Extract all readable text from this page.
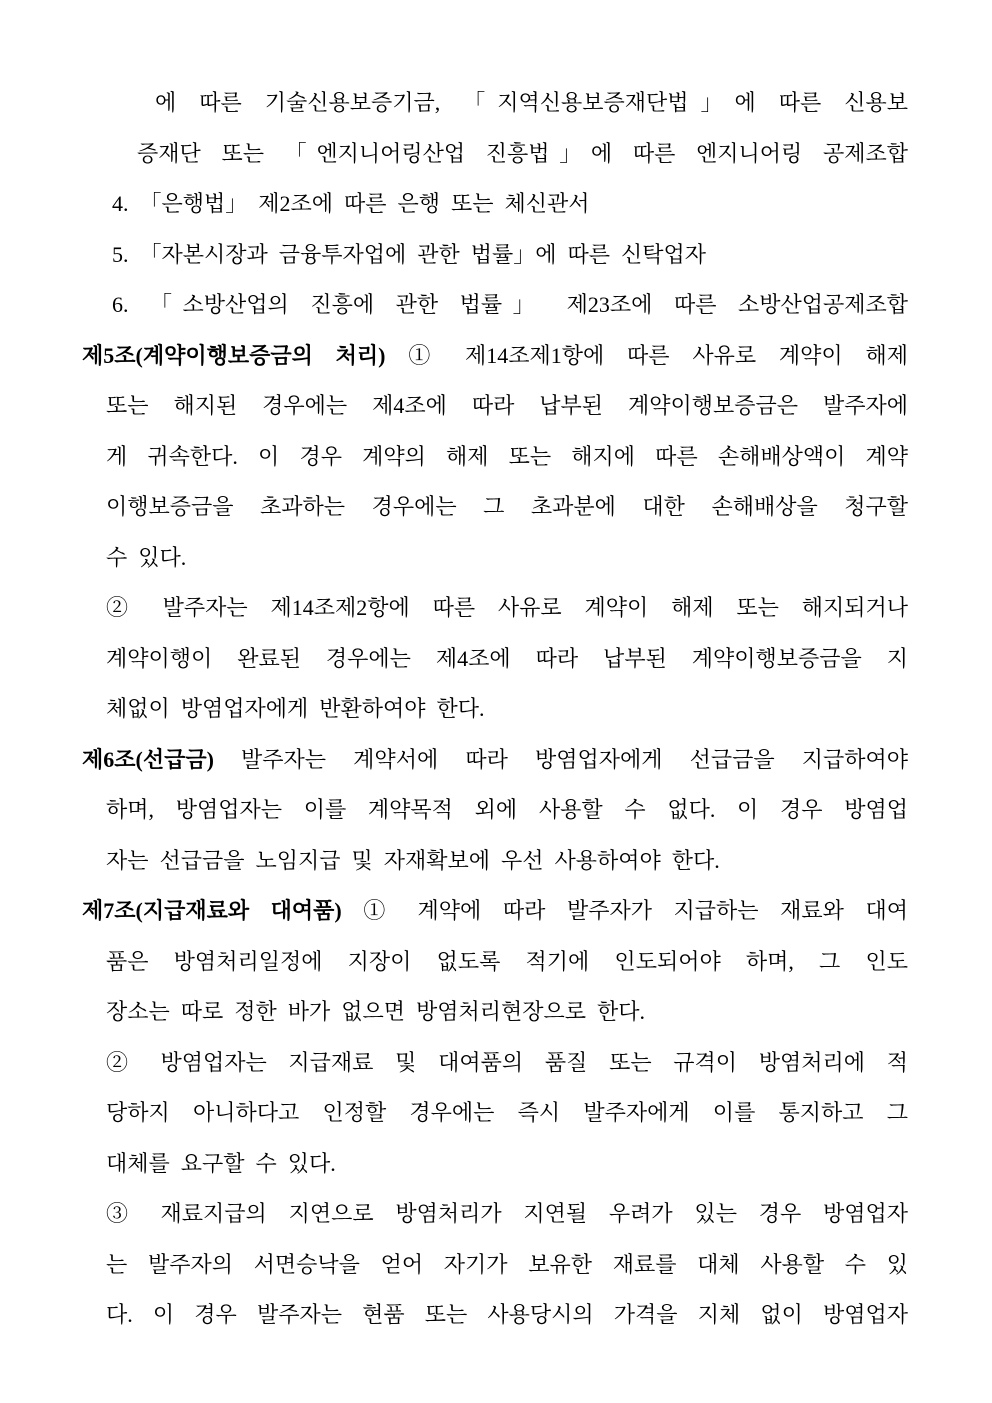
에 따른 기술신용보증기금, 「지역신용보증재단법」에 따른 신용보
증재단 또는 「엔지니어링산업 진흥법」에 따른 엔지니어링 공제조합
4. 「은행법」　제2조에 따른 은행 또는 체신관서
5. 「자본시장과 금융투자업에 관한 법률」에 따른 신탁업자
6. 「소방산업의 진흥에 관한 법률」　제23조에 따른 소방산업공제조합
제5조(계약이행보증금의 처리) ① 제14조제1항에 따른 사유로 계약이 해제
또는 해지된 경우에는 제4조에 따라 납부된 계약이행보증금은 발주자에
게 귀속한다. 이 경우 계약의 해제 또는 해지에 따른 손해배상액이 계약
이행보증금을 초과하는 경우에는 그 초과분에 대한 손해배상을 청구할
수 있다.
② 발주자는 제14조제2항에 따른 사유로 계약이 해제 또는 해지되거나
계약이행이 완료된 경우에는 제4조에 따라 납부된 계약이행보증금을 지
체없이 방염업자에게 반환하여야 한다.
제6조(선급금) 발주자는 계약서에 따라 방염업자에게 선급금을 지급하여야
하며, 방염업자는 이를 계약목적 외에 사용할 수 없다. 이 경우 방염업
자는 선급금을 노임지급 및 자재확보에 우선 사용하여야 한다.
제7조(지급재료와 대여품) ① 계약에 따라 발주자가 지급하는 재료와 대여
품은 방염처리일정에 지장이 없도록 적기에 인도되어야 하며, 그 인도
장소는 따로 정한 바가 없으면 방염처리현장으로 한다.
② 방염업자는 지급재료 및 대여품의 품질 또는 규격이 방염처리에 적
당하지 아니하다고 인정할 경우에는 즉시 발주자에게 이를 통지하고 그
대체를 요구할 수 있다.
③ 재료지급의 지연으로 방염처리가 지연될 우려가 있는 경우 방염업자
는 발주자의 서면승낙을 얻어 자기가 보유한 재료를 대체 사용할 수 있
다. 이 경우 발주자는 현품 또는 사용당시의 가격을 지체 없이 방염업자
